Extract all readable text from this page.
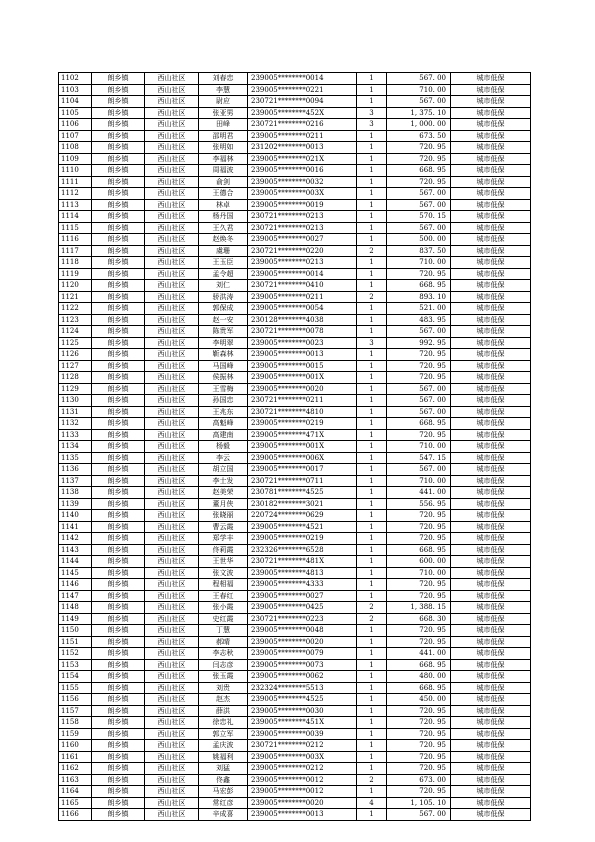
1102	朗乡镇	西山社区	刘春忠	239005********0014	1	567. 00	城市低保
1103	朗乡镇	西山社区	李慧	239005********0221	1	710. 00	城市低保
1104	朗乡镇	西山社区	尉应	230721********0094	1	567. 00	城市低保
1105	朗乡镇	西山社区	张亚男	239005********452X	3	1, 375. 10	城市低保
1106	朗乡镇	西山社区	田峰	230721********0216	3	1, 000. 00	城市低保
1107	朗乡镇	西山社区	邵明君	239005********0211	1	673. 50	城市低保
1108	朗乡镇	西山社区	张明如	231202********0013	1	720. 95	城市低保
1109	朗乡镇	西山社区	李福林	239005********021X	1	720. 95	城市低保
1110	朗乡镇	西山社区	周福波	239005********0016	1	668. 95	城市低保
1111	朗乡镇	西山社区	俞剑	239005********0032	1	720. 95	城市低保
1112	朗乡镇	西山社区	王德合	239005********003X	1	567. 00	城市低保
1113	朗乡镇	西山社区	林卓	239005********0019	1	567. 00	城市低保
1114	朗乡镇	西山社区	杨丹国	230721********0213	1	570. 15	城市低保
1115	朗乡镇	西山社区	王久君	230721********0213	1	567. 00	城市低保
1116	朗乡镇	西山社区	赵焕冬	239005********0027	1	500. 00	城市低保
1117	朗乡镇	西山社区	虞珊	230721********0220	2	837. 50	城市低保
1118	朗乡镇	西山社区	王玉臣	239005********0213	1	710. 00	城市低保
1119	朗乡镇	西山社区	孟令超	239005********0014	1	720. 95	城市低保
1120	朗乡镇	西山社区	刘仁	230721********0410	1	668. 95	城市低保
1121	朗乡镇	西山社区	骄洪涛	239005********0211	2	893. 10	城市低保
1122	朗乡镇	西山社区	郭保成	239005********0054	1	521. 00	城市低保
1123	朗乡镇	西山社区	赵一安	230128********4038	1	483. 95	城市低保
1124	朗乡镇	西山社区	陈贵军	230721********0078	1	567. 00	城市低保
1125	朗乡镇	西山社区	李明翠	239005********0023	3	992. 95	城市低保
1126	朗乡镇	西山社区	靳森林	239005********0013	1	720. 95	城市低保
1127	朗乡镇	西山社区	马国峰	239005********0015	1	720. 95	城市低保
1128	朗乡镇	西山社区	侯振林	239005********001X	1	720. 95	城市低保
1129	朗乡镇	西山社区	王雪梅	239005********0020	1	567. 00	城市低保
1130	朗乡镇	西山社区	孙国忠	230721********0211	1	567. 00	城市低保
1131	朗乡镇	西山社区	王兆东	230721********4810	1	567. 00	城市低保
1132	朗乡镇	西山社区	高魁峰	239005********0219	1	668. 95	城市低保
1133	朗乡镇	西山社区	高建南	239005********471X	1	720. 95	城市低保
1134	朗乡镇	西山社区	杨毅	239005********001X	1	710. 00	城市低保
1135	朗乡镇	西山社区	李云	239005********006X	1	547. 15	城市低保
1136	朗乡镇	西山社区	胡立国	239005********0017	1	567. 00	城市低保
1137	朗乡镇	西山社区	李士发	230721********0711	1	710. 00	城市低保
1138	朗乡镇	西山社区	赵美荣	230781********4525	1	441. 00	城市低保
1139	朗乡镇	西山社区	董月侠	230182********3021	1	556. 95	城市低保
1140	朗乡镇	西山社区	张晓丽	220724********0629	1	720. 95	城市低保
1141	朗乡镇	西山社区	曹云霞	239005********4521	1	720. 95	城市低保
1142	朗乡镇	西山社区	郑学丰	239005********0219	1	720. 95	城市低保
1143	朗乡镇	西山社区	佟莉霞	232326********6528	1	668. 95	城市低保
1144	朗乡镇	西山社区	王世华	230721********481X	1	600. 00	城市低保
1145	朗乡镇	西山社区	张文波	239005********4813	1	710. 00	城市低保
1146	朗乡镇	西山社区	程相福	239005********4333	1	720. 95	城市低保
1147	朗乡镇	西山社区	王春红	239005********0027	1	720. 95	城市低保
1148	朗乡镇	西山社区	张小霞	239005********0425	2	1, 388. 15	城市低保
1149	朗乡镇	西山社区	史红霞	230721********0223	2	668. 30	城市低保
1150	朗乡镇	西山社区	丁慧	239005********0048	1	720. 95	城市低保
1151	朗乡镇	西山社区	郝晴	239005********0020	1	720. 95	城市低保
1152	朗乡镇	西山社区	李志秋	239005********0079	1	441. 00	城市低保
1153	朗乡镇	西山社区	闫志彦	239005********0073	1	668. 95	城市低保
1154	朗乡镇	西山社区	张玉霞	239005********0062	1	480. 00	城市低保
1155	朗乡镇	西山社区	刘贵	232324********5513	1	668. 95	城市低保
1156	朗乡镇	西山社区	赵杰	239005********4525	1	450. 00	城市低保
1157	朗乡镇	西山社区	薛洪	239005********0030	1	720. 95	城市低保
1158	朗乡镇	西山社区	徐忠礼	239005********451X	1	720. 95	城市低保
1159	朗乡镇	西山社区	郭立军	239005********0039	1	720. 95	城市低保
1160	朗乡镇	西山社区	孟庆波	230721********0212	1	720. 95	城市低保
1161	朗乡镇	西山社区	姚福利	239005********003X	1	720. 95	城市低保
1162	朗乡镇	西山社区	刘猛	239005********0212	1	720. 95	城市低保
1163	朗乡镇	西山社区	佟鑫	239005********0012	2	673. 00	城市低保
1164	朗乡镇	西山社区	马宏彭	239005********0012	1	720. 95	城市低保
1165	朗乡镇	西山社区	常红彦	239005********0020	4	1, 105. 10	城市低保
1166	朗乡镇	西山社区	辛成喜	239005********0013	1	567. 00	城市低保
